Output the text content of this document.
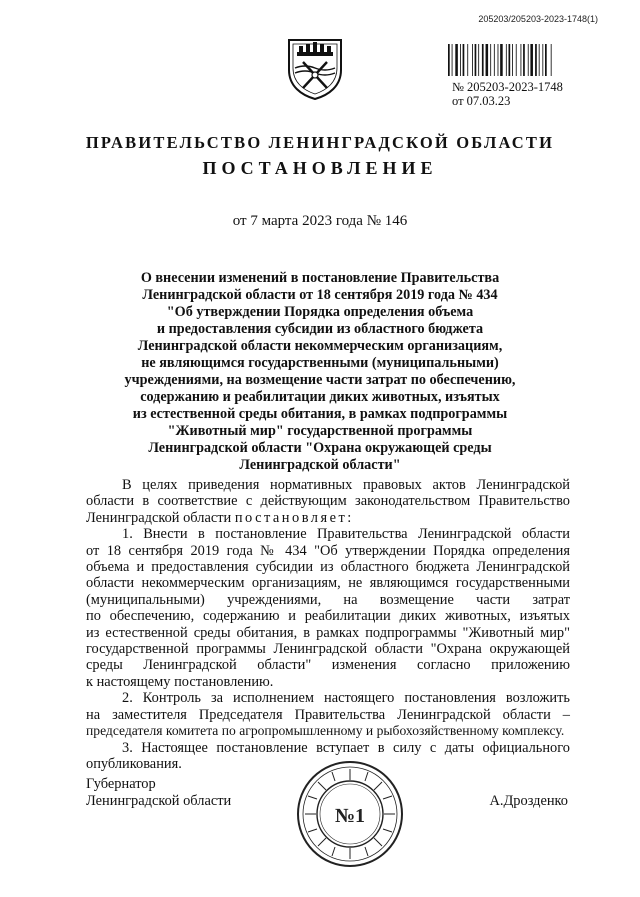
205203/205203-2023-1748(1)
№ 205203-2023-1748
от 07.03.23
ПРАВИТЕЛЬСТВО ЛЕНИНГРАДСКОЙ ОБЛАСТИ
ПОСТАНОВЛЕНИЕ
от 7 марта 2023 года № 146
О внесении изменений в постановление Правительства
Ленинградской области от 18 сентября 2019 года № 434
"Об утверждении Порядка определения объема
и предоставления субсидии из областного бюджета
Ленинградской области некоммерческим организациям,
не являющимся государственными (муниципальными)
учреждениями, на возмещение части затрат по обеспечению,
содержанию и реабилитации диких животных, изъятых
из естественной среды обитания, в рамках подпрограммы
"Животный мир" государственной программы
Ленинградской области "Охрана окружающей среды
Ленинградской области"
В целях приведения нормативных правовых актов Ленинградской
области в соответствие с действующим законодательством Правительство
Ленинградской области постановляет:
1. Внести в постановление Правительства Ленинградской области
от 18 сентября 2019 года № 434 "Об утверждении Порядка определения
объема и предоставления субсидии из областного бюджета Ленинградской
области некоммерческим организациям, не являющимся государственными
(муниципальными) учреждениями, на возмещение части затрат
по обеспечению, содержанию и реабилитации диких животных, изъятых
из естественной среды обитания, в рамках подпрограммы "Животный мир"
государственной программы Ленинградской области "Охрана окружающей
среды Ленинградской области" изменения согласно приложению
к настоящему постановлению.
2. Контроль за исполнением настоящего постановления возложить
на заместителя Председателя Правительства Ленинградской области –
председателя комитета по агропромышленному и рыбохозяйственному комплексу.
3. Настоящее постановление вступает в силу с даты официального
опубликования.
Губернатор
Ленинградской области
№1
А.Дрозденко
